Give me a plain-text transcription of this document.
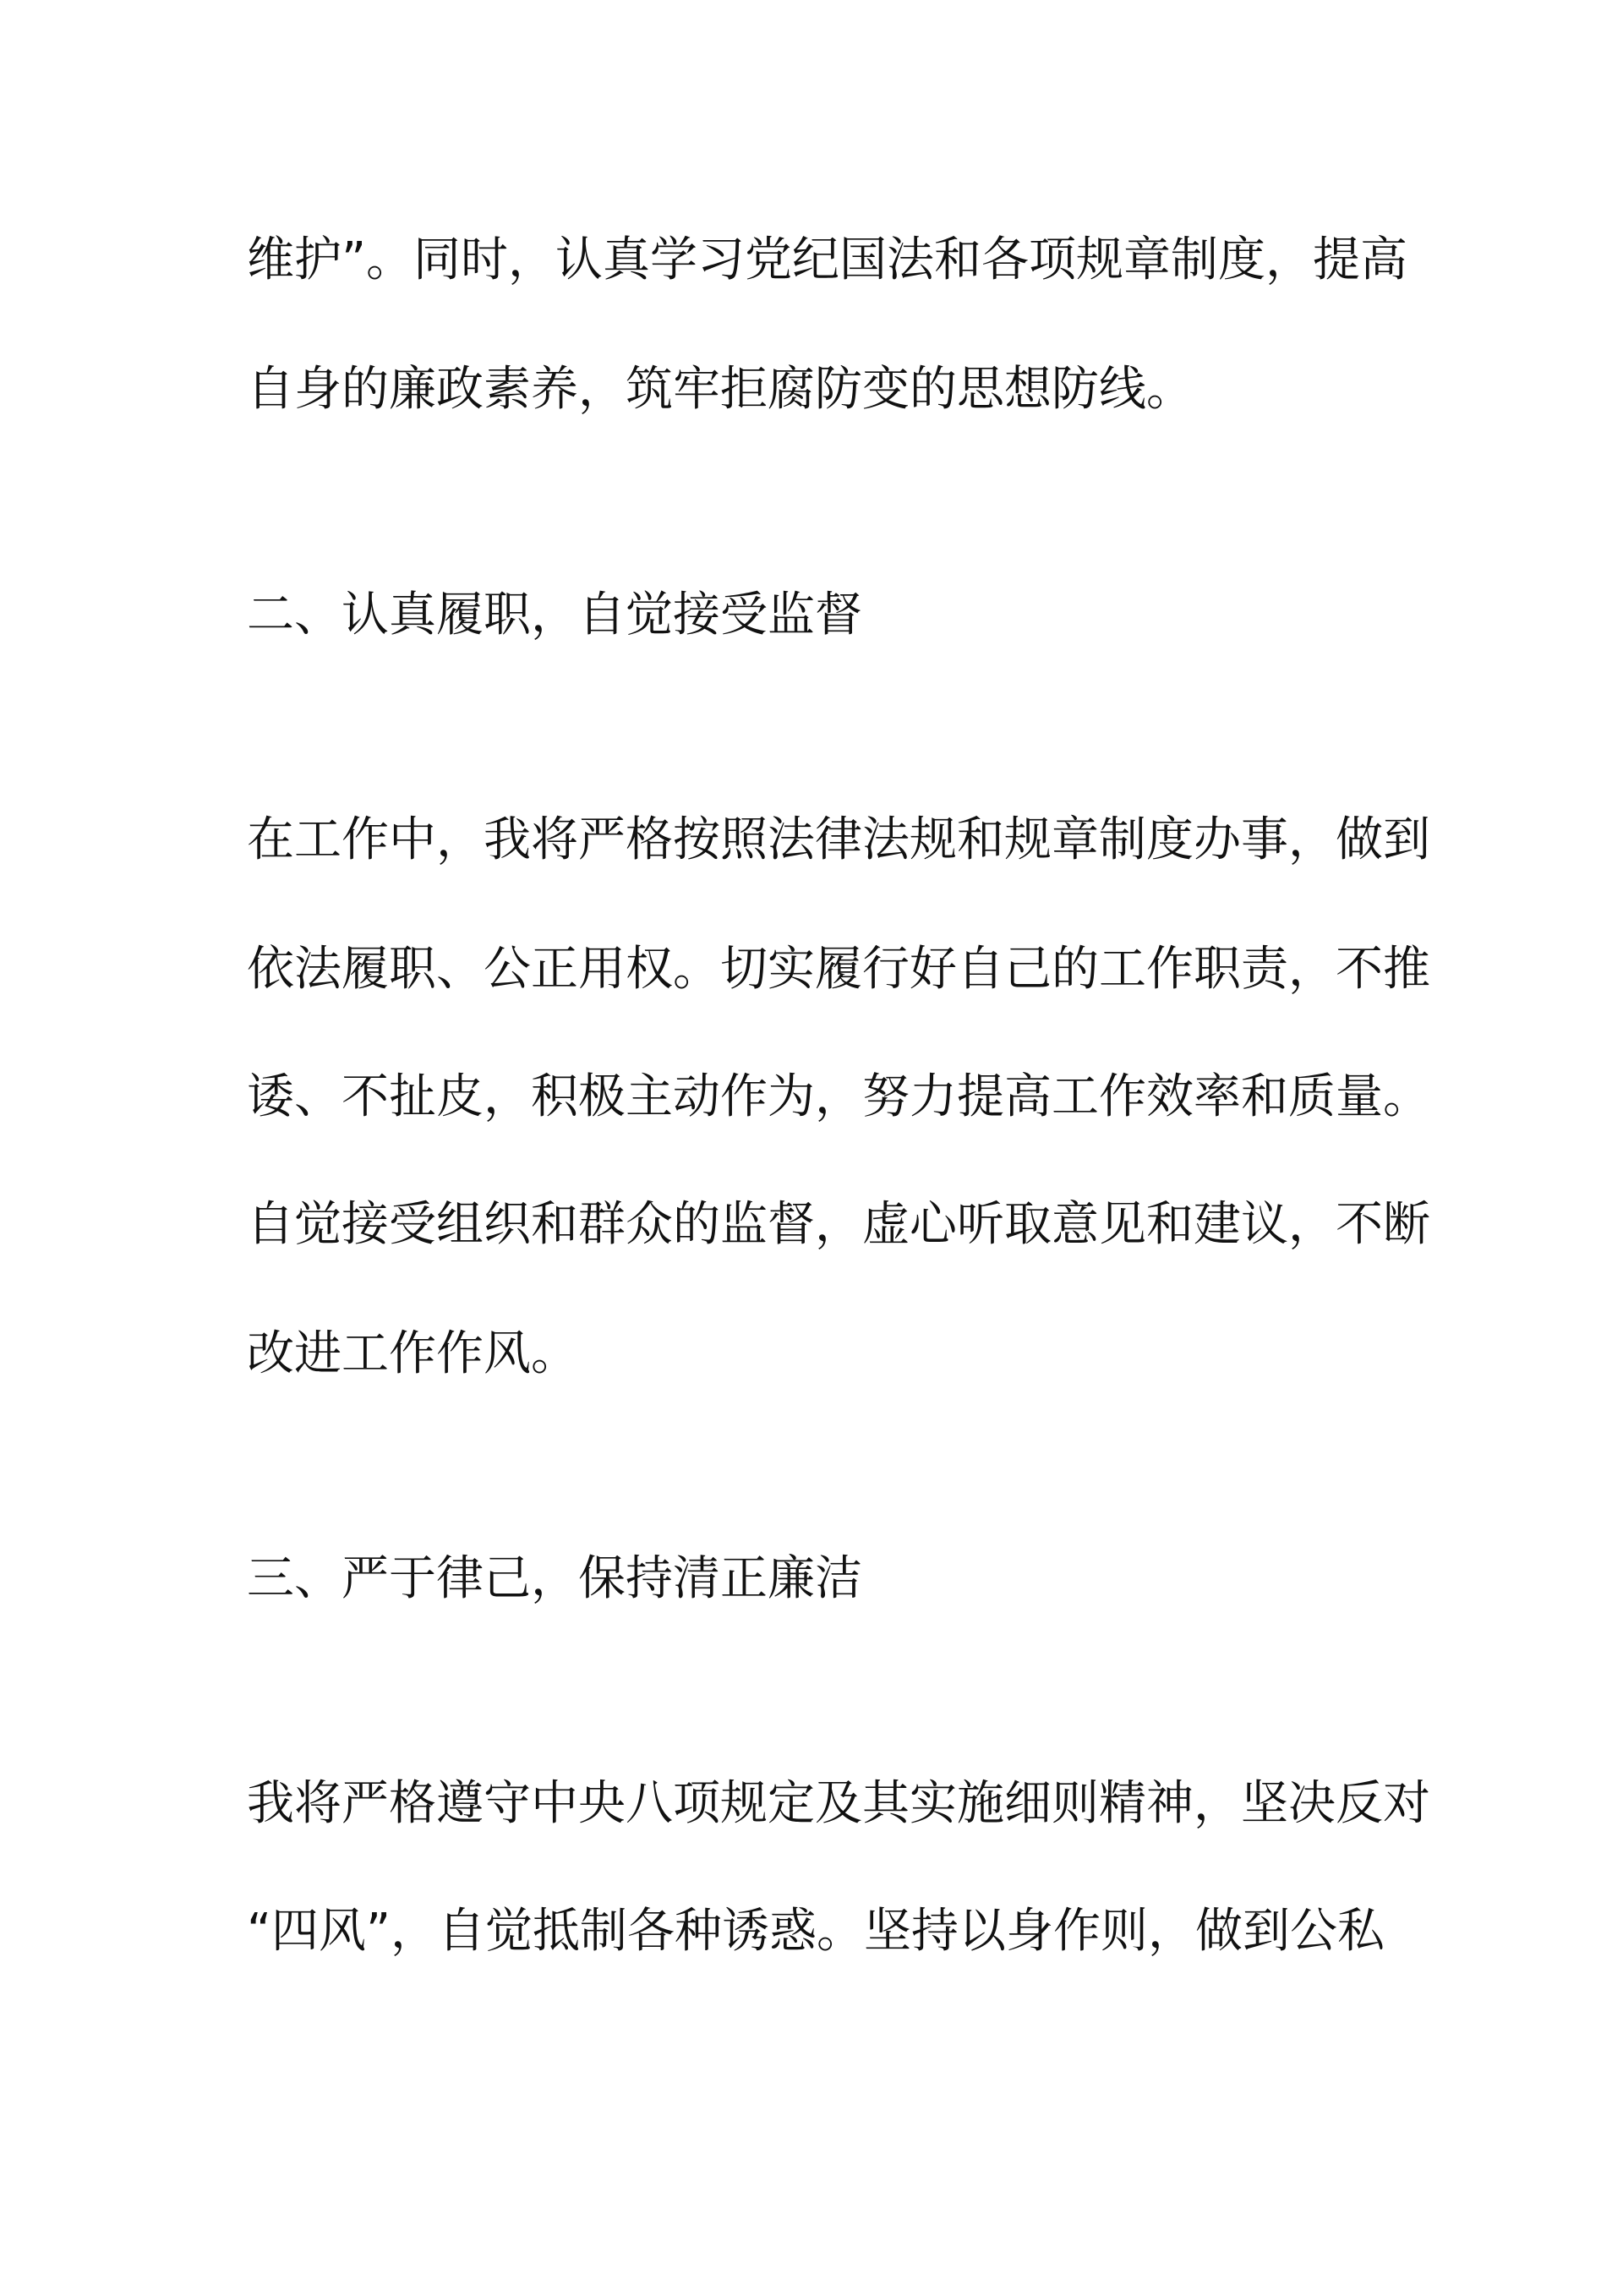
维护”。同时，认真学习党纪国法和各项规章制度，提高
自身的廉政素养，筑牢拒腐防变的思想防线。
二、认真履职，自觉接受监督
在工作中，我将严格按照法律法规和规章制度办事，做到
依法履职、公正用权。切实履行好自己的工作职责，不推
诿、不扯皮，积极主动作为，努力提高工作效率和质量。
自觉接受组织和群众的监督，虚心听取意见和建议，不断
改进工作作风。
三、严于律己，保持清正廉洁
我将严格遵守中央八项规定及其实施细则精神，坚决反对
“四风”，自觉抵制各种诱惑。坚持以身作则，做到公私
